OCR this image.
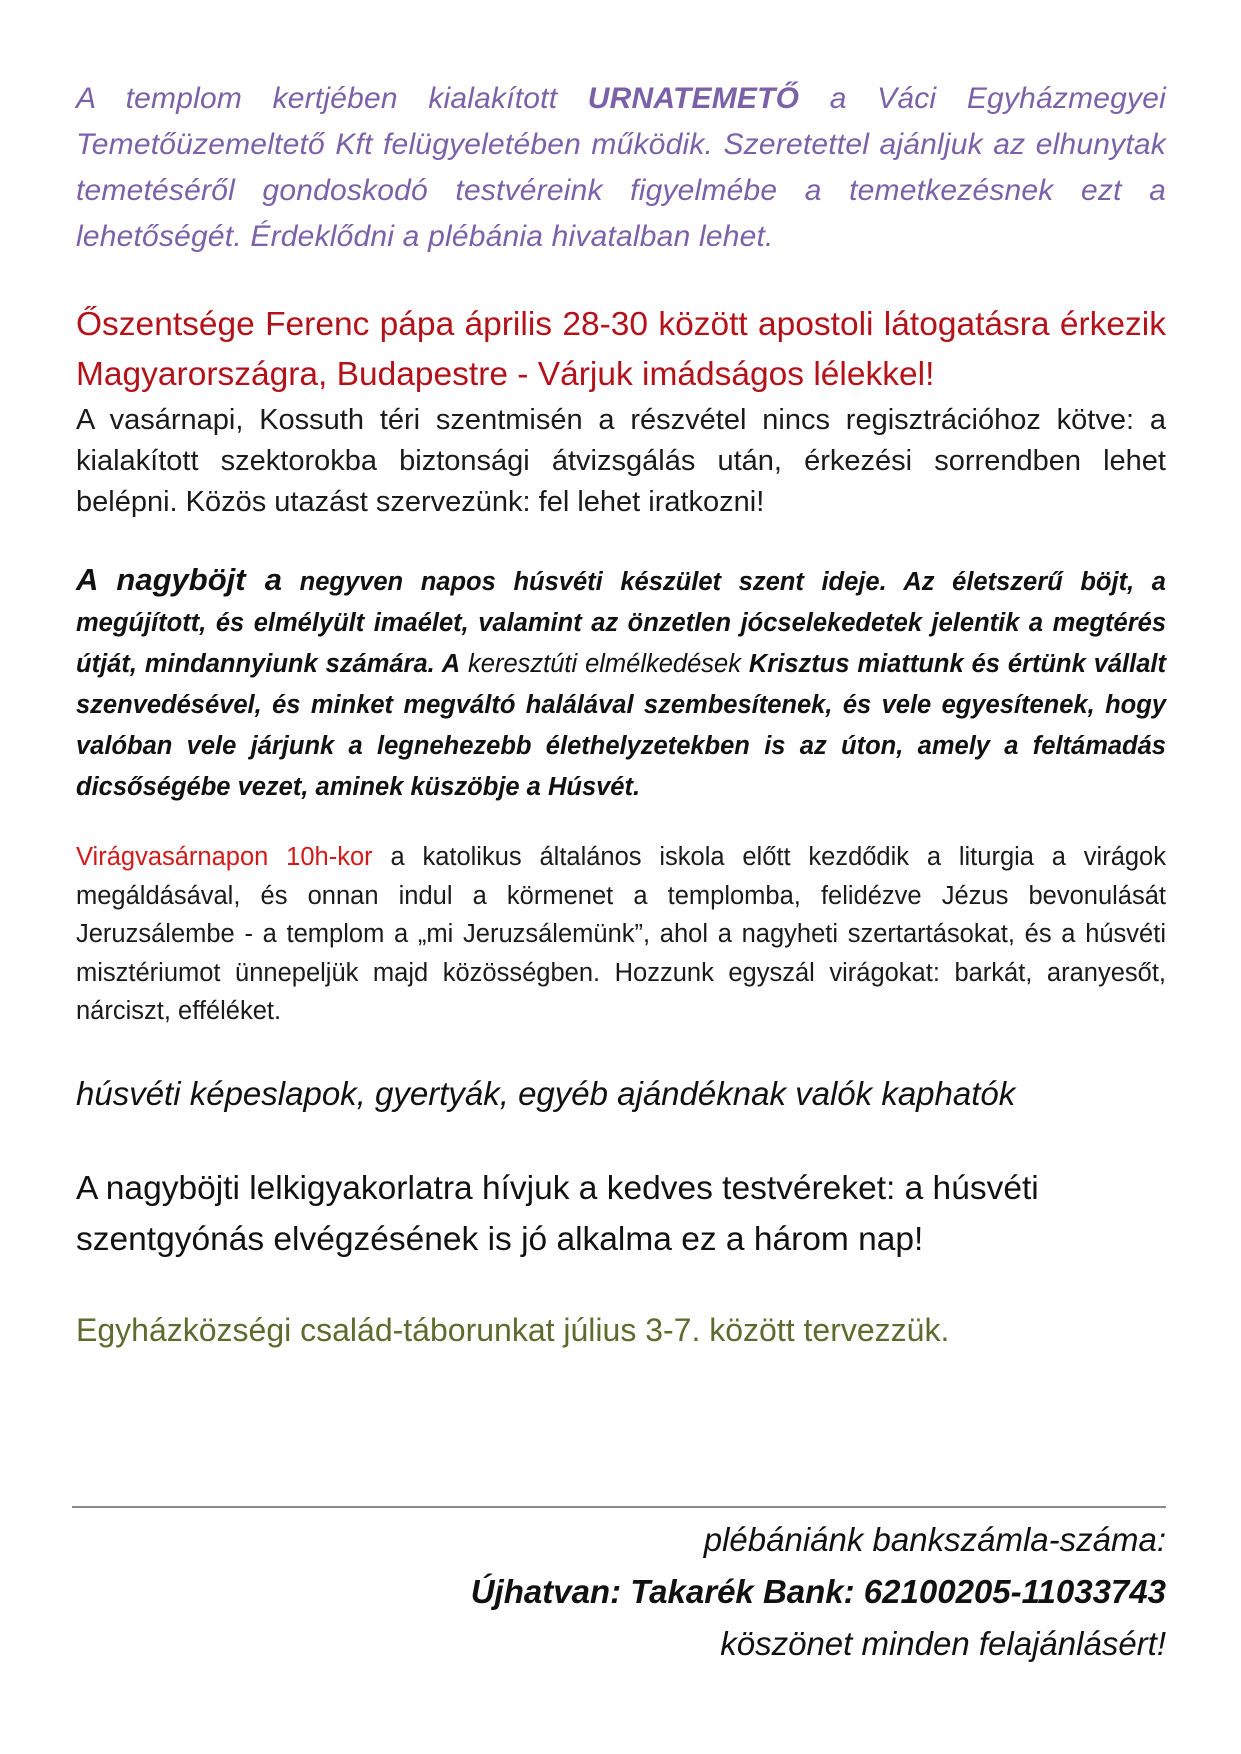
A templom kertjében kialakított URNATEMETŐ a Váci Egyházmegyei Temetőüzemeltető Kft felügyeletében működik. Szeretettel ajánljuk az elhunytak temetéséről gondoskodó testvéreink figyelmébe a temetkezésnek ezt a lehetőségét. Érdeklődni a plébánia hivatalban lehet.

Őszentsége Ferenc pápa április 28-30 között apostoli látogatásra érkezik Magyarországra, Budapestre - Várjuk imádságos lélekkel!

A vasárnapi, Kossuth téri szentmisén a részvétel nincs regisztrációhoz kötve: a kialakított szektorokba biztonsági átvizsgálás után, érkezési sorrendben lehet belépni. Közös utazást szervezünk: fel lehet iratkozni!

A nagyböjt a negyven napos húsvéti készület szent ideje. Az életszerű böjt, a megújított, és elmélyült imaélet, valamint az önzetlen jócselekedetek jelentik a megtérés útját, mindannyiunk számára. A keresztúti elmélkedések Krisztus miattunk és értünk vállalt szenvedésével, és minket megváltó halálával szembesítenek, és vele egyesítenek, hogy valóban vele járjunk a legnehezebb élethelyzetekben is az úton, amely a feltámadás dicsőségébe vezet, aminek küszöbje a Húsvét.

Virágvasárnapon 10h-kor a katolikus általános iskola előtt kezdődik a liturgia a virágok megáldásával, és onnan indul a körmenet a templomba, felidézve Jézus bevonulását Jeruzsálembe - a templom a „mi Jeruzsálemünk”, ahol a nagyheti szertartásokat, és a húsvéti misztériumot ünnepeljük majd közösségben. Hozzunk egyszál virágokat: barkát, aranyesőt, nárciszt, efféléket.

húsvéti képeslapok, gyertyák, egyéb ajándéknak valók kaphatók

A nagyböjti lelkigyakorlatra hívjuk a kedves testvéreket: a húsvéti szentgyónás elvégzésének is jó alkalma ez a három nap!

Egyházközségi család-táborunkat július 3-7. között tervezzük.

plébániánk bankszámla-száma:
Újhatvan: Takarék Bank: 62100205-11033743
köszönet minden felajánlásért!
